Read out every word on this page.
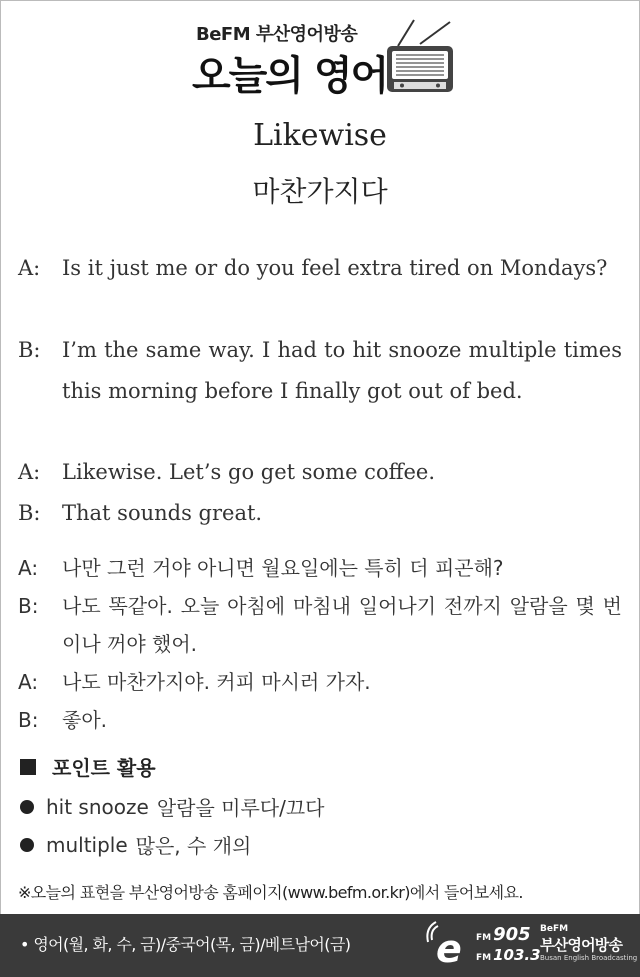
BeFM 부산영어방송
오늘의 영어
Likewise
마찬가지다
A:	Is it just me or do you feel extra tired on Mondays?
B:	I’m the same way. I had to hit snooze multiple times this morning before I finally got out of bed.
A:	Likewise. Let’s go get some coffee.
B:	That sounds great.
A:	나만 그런 거야 아니면 월요일에는 특히 더 피곤해?
B:	나도 똑같아. 오늘 아침에 마침내 일어나기 전까지 알람을 몇 번이나 꺼야 했어.
A:	나도 마찬가지야. 커피 마시러 가자.
B:	좋아.
포인트 활용
hit snooze 알람을 미루다/끄다
multiple 많은, 수 개의
※오늘의 표현을 부산영어방송 홈페이지(www.befm.or.kr)에서 들어보세요.
• 영어(월, 화, 수, 금)/중국어(목, 금)/베트남어(금) e FM 905
FM 103.3
BeFM
부산영어방송
Busan English Broadcasting
